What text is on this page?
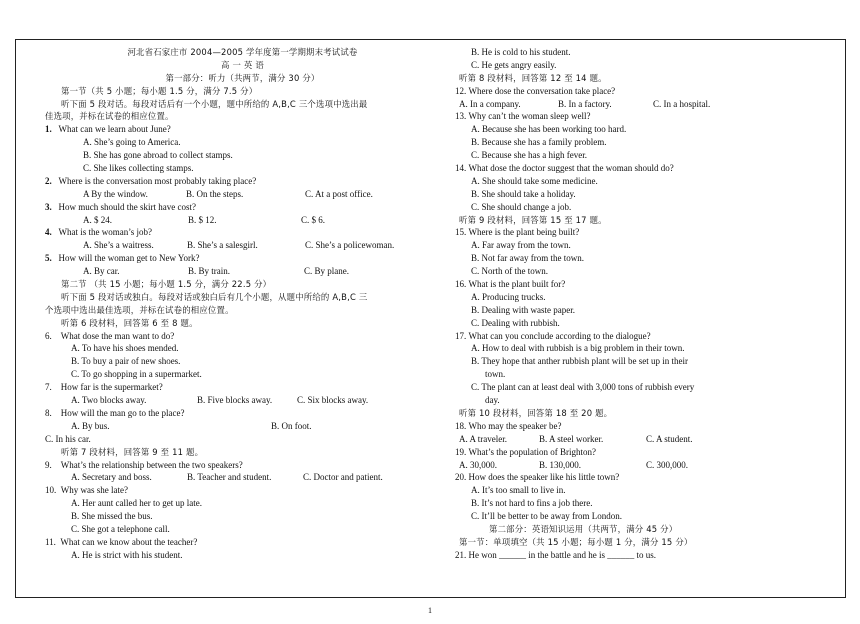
河北省石家庄市 2004—2005 学年度第一学期期末考试试卷
高 一 英 语
第一部分：听力（共两节，满分 30 分）
第一节（共 5 小题；每小题 1.5 分，满分 7.5 分）
听下面 5 段对话。每段对话后有一个小题，题中所给的 A,B,C 三个选项中选出最
佳选项，并标在试卷的相应位置。
1. What can we learn about June?
A. She’s going to America.
B. She has gone abroad to collect stamps.
C. She likes collecting stamps.
2. Where is the conversation most probably taking place?
A By the window.	B. On the steps.	C. At a post office.
3. How much should the skirt have cost?
A. $ 24.	B. $ 12.	C. $ 6.
4. What is the woman’s job?
A. She’s a waitress.	B. She’s a salesgirl.	C. She’s a policewoman.
5. How will the woman get to New York?
A. By car.	B. By train.	C. By plane.
第二节 （共 15 小题；每小题 1.5 分，满分 22.5 分）
听下面 5 段对话或独白。每段对话或独白后有几个小题，从题中所给的 A,B,C 三
个选项中选出最佳选项，并标在试卷的相应位置。
听第 6 段材料，回答第 6 至 8 题。
6. What dose the man want to do?
A. To have his shoes mended.
B. To buy a pair of new shoes.
C. To go shopping in a supermarket.
7. How far is the supermarket?
A. Two blocks away.	B. Five blocks away.	C. Six blocks away.
8. How will the man go to the place?
A. By bus.	B. On foot.
C. In his car.
听第 7 段材料，回答第 9 至 11 题。
9. What’s the relationship between the two speakers?
A. Secretary and boss.	B. Teacher and student.	C. Doctor and patient.
10. Why was she late?
A. Her aunt called her to get up late.
B. She missed the bus.
C. She got a telephone call.
11. What can we know about the teacher?
A. He is strict with his student.
B. He is cold to his student.
C. He gets angry easily.
听第 8 段材料，回答第 12 至 14 题。
12. Where dose the conversation take place?
A. In a company.	B. In a factory.	C. In a hospital.
13. Why can’t the woman sleep well?
A. Because she has been working too hard.
B. Because she has a family problem.
C. Because she has a high fever.
14. What dose the doctor suggest that the woman should do?
A. She should take some medicine.
B. She should take a holiday.
C. She should change a job.
听第 9 段材料，回答第 15 至 17 题。
15. Where is the plant being built?
A. Far away from the town.
B. Not far away from the town.
C. North of the town.
16. What is the plant built for?
A. Producing trucks.
B. Dealing with waste paper.
C. Dealing with rubbish.
17. What can you conclude according to the dialogue?
A. How to deal with rubbish is a big problem in their town.
B. They hope that anther rubbish plant will be set up in their
town.
C. The plant can at least deal with 3,000 tons of rubbish every
day.
听第 10 段材料，回答第 18 至 20 题。
18. Who may the speaker be?
A. A traveler.	B. A steel worker.	C. A student.
19. What’s the population of Brighton?
A. 30,000.	B. 130,000.	C. 300,000.
20. How does the speaker like his little town?
A. It’s too small to live in.
B. It’s not hard to fins a job there.
C. It’ll be better to be away from London.
第二部分：英语知识运用（共两节，满分 45 分）
第一节：单项填空（共 15 小题；每小题 1 分，满分 15 分）
21. He won ______ in the battle and he is ______ to us.
1
